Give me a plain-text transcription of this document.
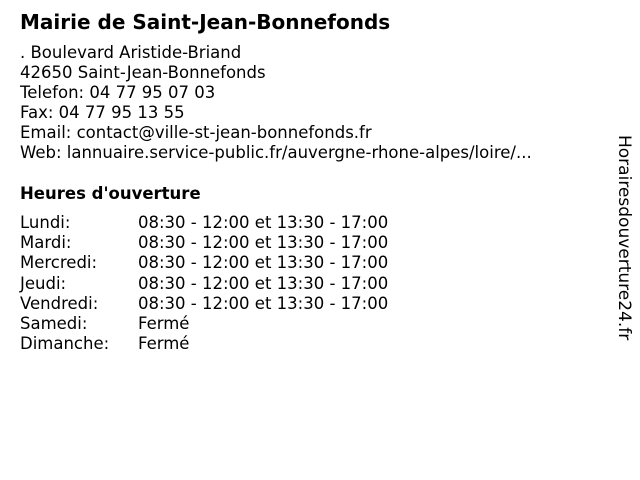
Mairie de Saint-Jean-Bonnefonds
. Boulevard Aristide-Briand
42650 Saint-Jean-Bonnefonds
Telefon: 04 77 95 07 03
Fax: 04 77 95 13 55
Email: contact@ville-st-jean-bonnefonds.fr
Web: lannuaire.service-public.fr/auvergne-rhone-alpes/loire/...
Heures d'ouverture
Lundi:	08:30 - 12:00 et 13:30 - 17:00
Mardi:	08:30 - 12:00 et 13:30 - 17:00
Mercredi:	08:30 - 12:00 et 13:30 - 17:00
Jeudi:	08:30 - 12:00 et 13:30 - 17:00
Vendredi:	08:30 - 12:00 et 13:30 - 17:00
Samedi:	Fermé
Dimanche:	Fermé
Horairesdouverture24.fr
